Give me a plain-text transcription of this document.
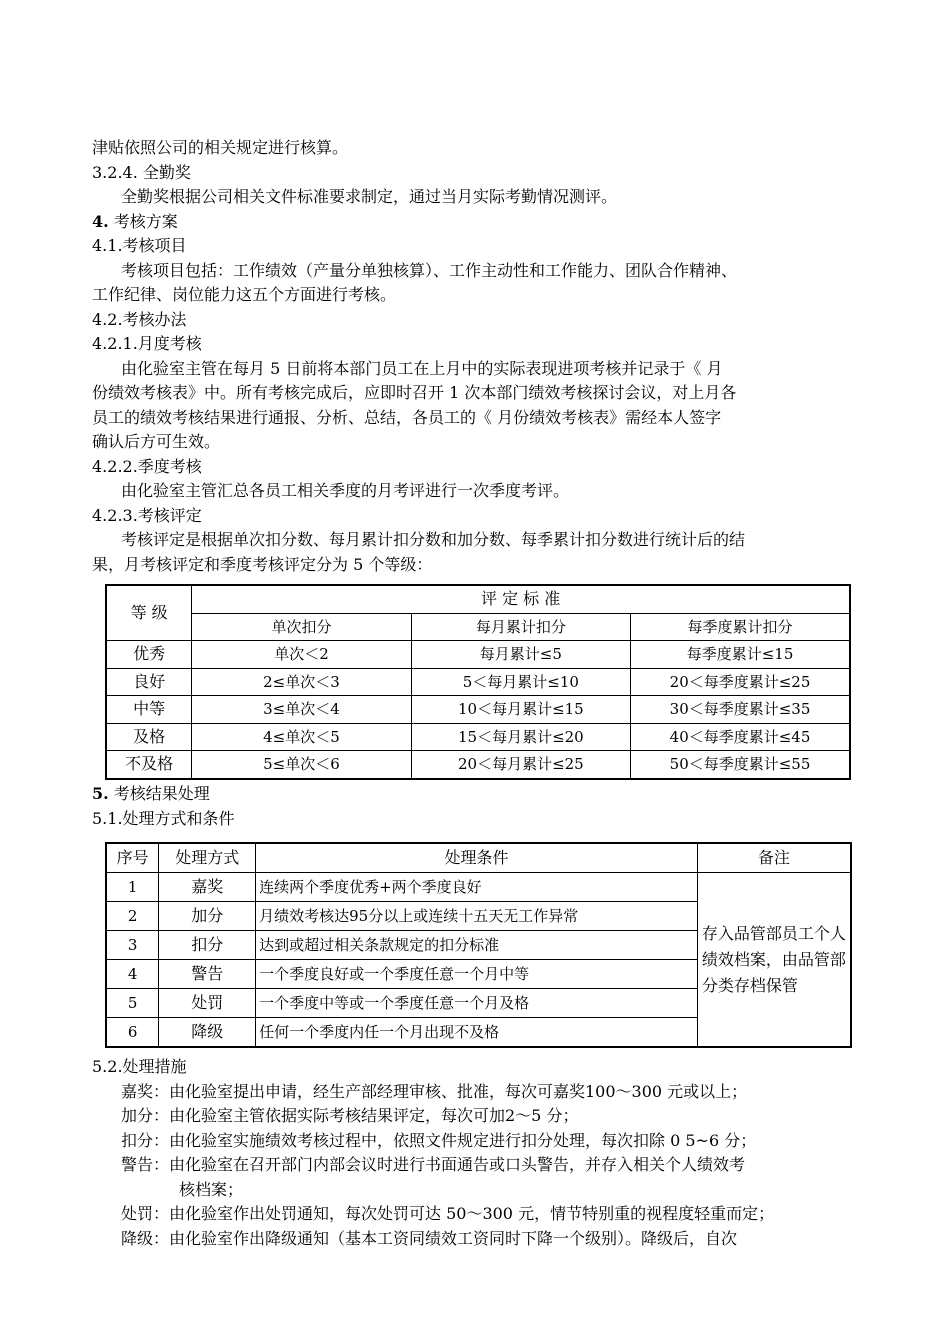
津贴依照公司的相关规定进行核算。
3.2.4. 全勤奖
全勤奖根据公司相关文件标准要求制定，通过当月实际考勤情况测评。
4. 考核方案
4.1.考核项目
考核项目包括：工作绩效（产量分单独核算）、工作主动性和工作能力、团队合作精神、
工作纪律、岗位能力这五个方面进行考核。
4.2.考核办法
4.2.1.月度考核
由化验室主管在每月 5 日前将本部门员工在上月中的实际表现进项考核并记录于《 月
份绩效考核表》中。所有考核完成后，应即时召开 1 次本部门绩效考核探讨会议，对上月各
员工的绩效考核结果进行通报、分析、总结，各员工的《 月份绩效考核表》需经本人签字
确认后方可生效。
4.2.2.季度考核
由化验室主管汇总各员工相关季度的月考评进行一次季度考评。
4.2.3.考核评定
考核评定是根据单次扣分数、每月累计扣分数和加分数、每季累计扣分数进行统计后的结
果，月考核评定和季度考核评定分为 5 个等级：
等 级	评 定 标 准		
	单次扣分	每月累计扣分	每季度累计扣分
优秀	单次＜2	每月累计≤5	每季度累计≤15
良好	2≤单次＜3	5＜每月累计≤10	20＜每季度累计≤25
中等	3≤单次＜4	10＜每月累计≤15	30＜每季度累计≤35
及格	4≤单次＜5	15＜每月累计≤20	40＜每季度累计≤45
不及格	5≤单次＜6	20＜每月累计≤25	50＜每季度累计≤55
5. 考核结果处理
5.1.处理方式和条件
序号	处理方式	处理条件	备注
1	嘉奖	连续两个季度优秀+两个季度良好	存入品管部员工个人绩效档案，由品管部分类存档保管
2	加分	月绩效考核达95分以上或连续十五天无工作异常	
3	扣分	达到或超过相关条款规定的扣分标准	
4	警告	一个季度良好或一个季度任意一个月中等	
5	处罚	一个季度中等或一个季度任意一个月及格	
6	降级	任何一个季度内任一个月出现不及格	
5.2.处理措施
嘉奖：由化验室提出申请，经生产部经理审核、批准，每次可嘉奖100～300 元或以上；
加分：由化验室主管依据实际考核结果评定，每次可加2～5 分；
扣分：由化验室实施绩效考核过程中，依照文件规定进行扣分处理，每次扣除 0 5~6 分；
警告：由化验室在召开部门内部会议时进行书面通告或口头警告，并存入相关个人绩效考
核档案；
处罚：由化验室作出处罚通知，每次处罚可达 50～300 元，情节特别重的视程度轻重而定；
降级：由化验室作出降级通知（基本工资同绩效工资同时下降一个级别）。降级后，自次
